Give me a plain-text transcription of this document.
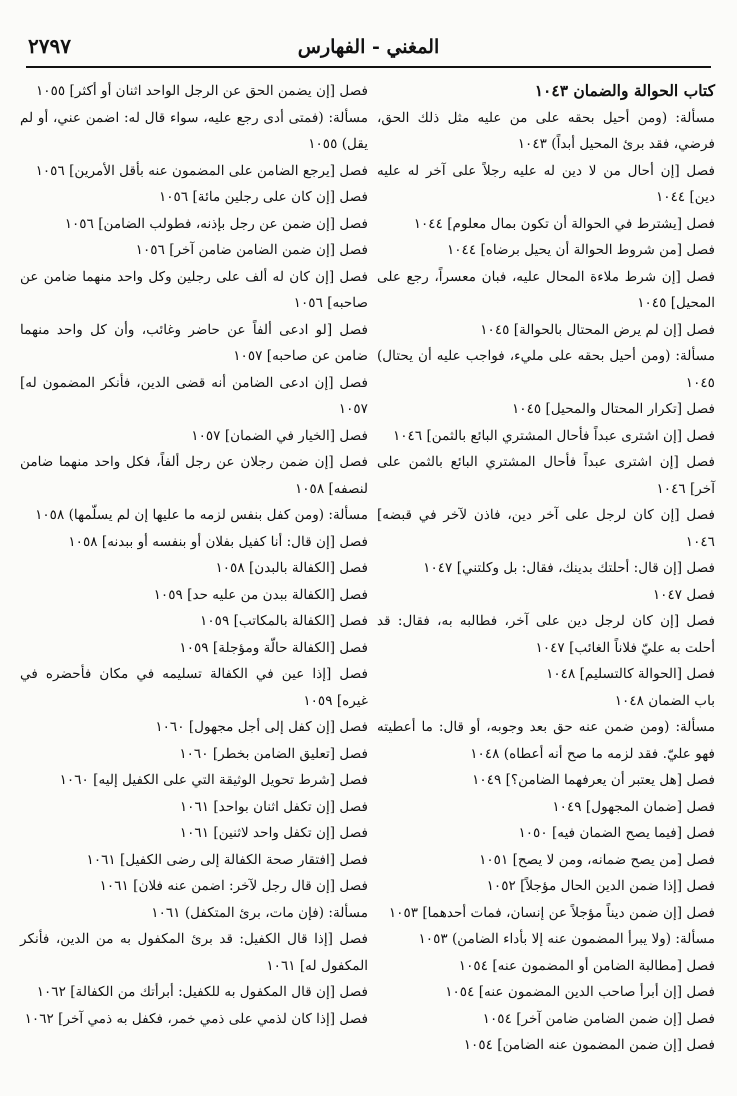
المغني - الفهارس
٢٧٩٧

كتاب الحوالة والضمان ١٠٤٣

مسألة: (ومن أحيل بحقه على من عليه مثل ذلك الحق، فرضي، فقد برئ المحيل أبداً) ١٠٤٣

فصل [إن أحال من لا دين له عليه رجلاً على آخر له عليه دين] ١٠٤٤

فصل [يشترط في الحوالة أن تكون بمال معلوم] ١٠٤٤

فصل [من شروط الحوالة أن يحيل برضاه] ١٠٤٤

فصل [إن شرط ملاءة المحال عليه، فبان معسراً، رجع على المحيل] ١٠٤٥

فصل [إن لم يرض المحتال بالحوالة] ١٠٤٥

مسألة: (ومن أحيل بحقه على مليء، فواجب عليه أن يحتال) ١٠٤٥

فصل [تكرار المحتال والمحيل] ١٠٤٥

فصل [إن اشترى عبداً فأحال المشتري البائع بالثمن] ١٠٤٦

فصل [إن اشترى عبداً فأحال المشتري البائع بالثمن على آخر] ١٠٤٦

فصل [إن كان لرجل على آخر دين، فاذن لآخر في قبضه] ١٠٤٦

فصل [إن قال: أحلتك بدينك، فقال: بل وكلتني] ١٠٤٧

فصل ١٠٤٧

فصل [إن كان لرجل دين على آخر، فطالبه به، فقال: قد أحلت به عليّ فلاناً الغائب] ١٠٤٧

فصل [الحوالة كالتسليم] ١٠٤٨

باب الضمان ١٠٤٨

مسألة: (ومن ضمن عنه حق بعد وجوبه، أو قال: ما أعطيته فهو عليّ. فقد لزمه ما صح أنه أعطاه) ١٠٤٨

فصل [هل يعتبر أن يعرفهما الضامن؟] ١٠٤٩

فصل [ضمان المجهول] ١٠٤٩

فصل [فيما يصح الضمان فيه] ١٠٥٠

فصل [من يصح ضمانه، ومن لا يصح] ١٠٥١

فصل [إذا ضمن الدين الحال مؤجلاً] ١٠٥٢

فصل [إن ضمن ديناً مؤجلاً عن إنسان، فمات أحدهما] ١٠٥٣

مسألة: (ولا يبرأ المضمون عنه إلا بأداء الضامن) ١٠٥٣

فصل [مطالبة الضامن أو المضمون عنه] ١٠٥٤

فصل [إن أبرأ صاحب الدين المضمون عنه] ١٠٥٤

فصل [إن ضمن الضامن ضامن آخر] ١٠٥٤

فصل [إن ضمن المضمون عنه الضامن] ١٠٥٤

فصل [إن يضمن الحق عن الرجل الواحد اثنان أو أكثر] ١٠٥٥

مسألة: (فمتى أدى رجع عليه، سواء قال له: اضمن عني، أو لم يقل) ١٠٥٥

فصل [يرجع الضامن على المضمون عنه بأقل الأمرين] ١٠٥٦

فصل [إن كان على رجلين مائة] ١٠٥٦

فصل [إن ضمن عن رجل بإذنه، فطولب الضامن] ١٠٥٦

فصل [إن ضمن الضامن ضامن آخر] ١٠٥٦

فصل [إن كان له ألف على رجلين وكل واحد منهما ضامن عن صاحبه] ١٠٥٦

فصل [لو ادعى ألفاً عن حاضر وغائب، وأن كل واحد منهما ضامن عن صاحبه] ١٠٥٧

فصل [إن ادعى الضامن أنه قضى الدين، فأنكر المضمون له] ١٠٥٧

فصل [الخيار في الضمان] ١٠٥٧

فصل [إن ضمن رجلان عن رجل ألفاً، فكل واحد منهما ضامن لنصفه] ١٠٥٨

مسألة: (ومن كفل بنفس لزمه ما عليها إن لم يسلّمها) ١٠٥٨

فصل [إن قال: أنا كفيل بفلان أو بنفسه أو ببدنه] ١٠٥٨

فصل [الكفالة بالبدن] ١٠٥٨

فصل [الكفالة ببدن من عليه حد] ١٠٥٩

فصل [الكفالة بالمكاتب] ١٠٥٩

فصل [الكفالة حالّة ومؤجلة] ١٠٥٩

فصل [إذا عين في الكفالة تسليمه في مكان فأحضره في غيره] ١٠٥٩

فصل [إن كفل إلى أجل مجهول] ١٠٦٠

فصل [تعليق الضامن بخطر] ١٠٦٠

فصل [شرط تحويل الوثيقة التي على الكفيل إليه] ١٠٦٠

فصل [إن تكفل اثنان بواحد] ١٠٦١

فصل [إن تكفل واحد لاثنين] ١٠٦١

فصل [افتقار صحة الكفالة إلى رضى الكفيل] ١٠٦١

فصل [إن قال رجل لآخر: اضمن عنه فلان] ١٠٦١

مسألة: (فإن مات، برئ المتكفل) ١٠٦١

فصل [إذا قال الكفيل: قد برئ المكفول به من الدين، فأنكر المكفول له] ١٠٦١

فصل [إن قال المكفول به للكفيل: أبرأتك من الكفالة] ١٠٦٢

فصل [إذا كان لذمي على ذمي خمر، فكفل به ذمي آخر] ١٠٦٢
